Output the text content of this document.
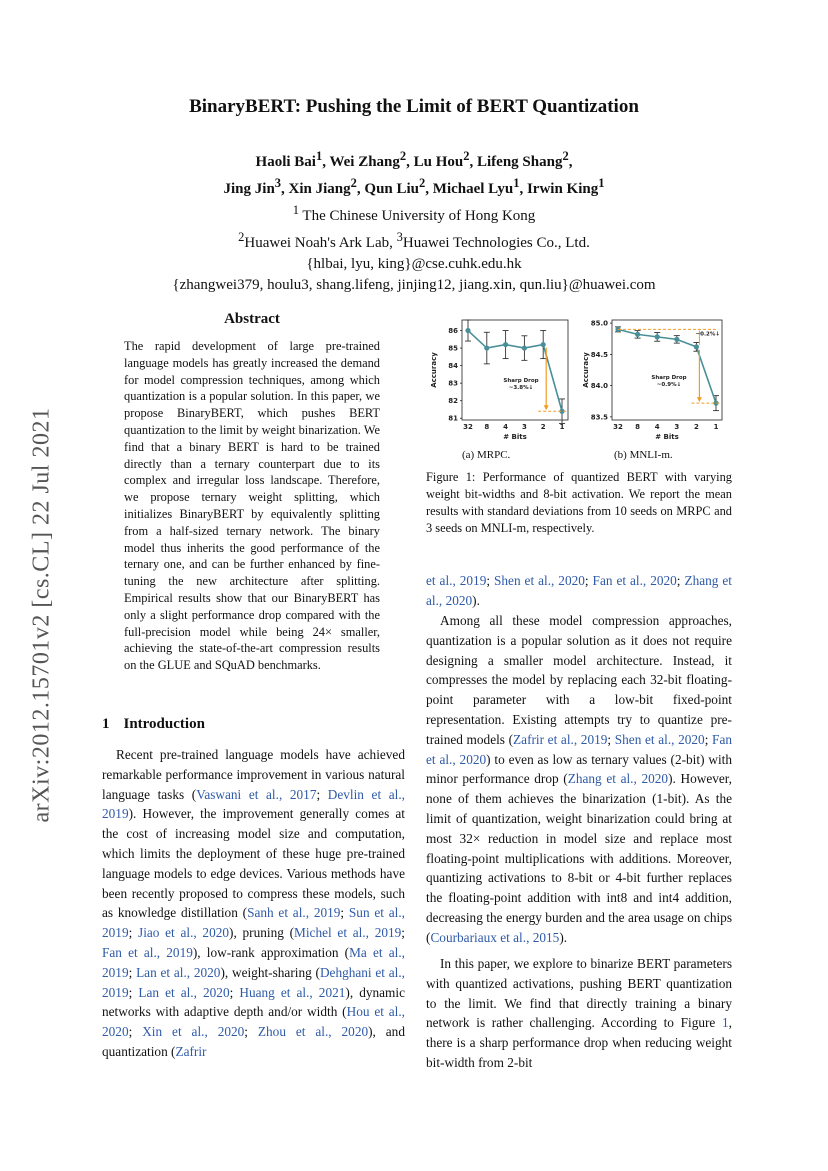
BinaryBERT: Pushing the Limit of BERT Quantization
Haoli Bai$^1$, Wei Zhang$^2$, Lu Hou$^2$, Lifeng Shang$^2$,
Jing Jin$^3$, Xin Jiang$^2$, Qun Liu$^2$, Michael Lyu$^1$, Irwin King$^1$
$^1$ The Chinese University of Hong Kong
$^2$Huawei Noah's Ark Lab, $^3$Huawei Technologies Co., Ltd.
{hlbai, lyu, king}@cse.cuhk.edu.hk
{zhangwei379, houlu3, shang.lifeng, jinjing12, jiang.xin, qun.liu}@huawei.com
arXiv:2012.15701v2 [cs.CL] 22 Jul 2021
Abstract
The rapid development of large pre-trained language models has greatly increased the demand for model compression techniques, among which quantization is a popular solution. In this paper, we propose BinaryBERT, which pushes BERT quantization to the limit by weight binarization. We find that a binary BERT is hard to be trained directly than a ternary counterpart due to its complex and irregular loss landscape. Therefore, we propose ternary weight splitting, which initializes BinaryBERT by equivalently splitting from a half-sized ternary network. The binary model thus inherits the good performance of the ternary one, and can be further enhanced by fine-tuning the new architecture after splitting. Empirical results show that our BinaryBERT has only a slight performance drop compared with the full-precision model while being 24× smaller, achieving the state-of-the-art compression results on the GLUE and SQuAD benchmarks.
1 Introduction
Recent pre-trained language models have achieved remarkable performance improvement in various natural language tasks (Vaswani et al., 2017; Devlin et al., 2019). However, the improvement generally comes at the cost of increasing model size and computation, which limits the deployment of these huge pre-trained language models to edge devices. Various methods have been recently proposed to compress these models, such as knowledge distillation (Sanh et al., 2019; Sun et al., 2019; Jiao et al., 2020), pruning (Michel et al., 2019; Fan et al., 2019), low-rank approximation (Ma et al., 2019; Lan et al., 2020), weight-sharing (Dehghani et al., 2019; Lan et al., 2020; Huang et al., 2021), dynamic networks with adaptive depth and/or width (Hou et al., 2020; Xin et al., 2020; Zhou et al., 2020), and quantization (Zafrir
81
82
83
84
85
86
32 8 4 3 2 1
# Bits
Accuracy	Sharp Drop
~3.8%↓
83.5
84.0
84.5
85.0
32 8 4 3 2 1
# Bits
Accuracy	Sharp Drop
~0.9%↓
~0.2%↓
(a) MRPC.	(b) MNLI-m.
Figure 1: Performance of quantized BERT with varying weight bit-widths and 8-bit activation. We report the mean results with standard deviations from 10 seeds on MRPC and 3 seeds on MNLI-m, respectively.
et al., 2019; Shen et al., 2020; Fan et al., 2020; Zhang et al., 2020).
Among all these model compression approaches, quantization is a popular solution as it does not require designing a smaller model architecture. Instead, it compresses the model by replacing each 32-bit floating-point parameter with a low-bit fixed-point representation. Existing attempts try to quantize pre-trained models (Zafrir et al., 2019; Shen et al., 2020; Fan et al., 2020) to even as low as ternary values (2-bit) with minor performance drop (Zhang et al., 2020). However, none of them achieves the binarization (1-bit). As the limit of quantization, weight binarization could bring at most 32× reduction in model size and replace most floating-point multiplications with additions. Moreover, quantizing activations to 8-bit or 4-bit further replaces the floating-point addition with int8 and int4 addition, decreasing the energy burden and the area usage on chips (Courbariaux et al., 2015).
In this paper, we explore to binarize BERT parameters with quantized activations, pushing BERT quantization to the limit. We find that directly training a binary network is rather challenging. According to Figure 1, there is a sharp performance drop when reducing weight bit-width from 2-bit
